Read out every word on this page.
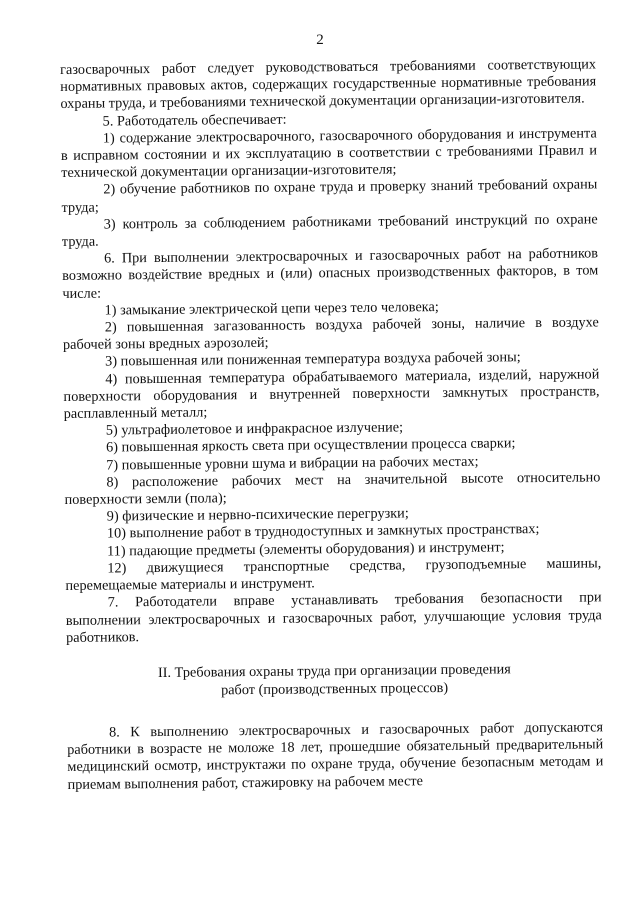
2

газосварочных работ следует руководствоваться требованиями соответствующих нормативных правовых актов, содержащих государственные нормативные требования охраны труда, и требованиями технической документации организации-изготовителя.

5. Работодатель обеспечивает:

1) содержание электросварочного, газосварочного оборудования и инструмента в исправном состоянии и их эксплуатацию в соответствии с требованиями Правил и технической документации организации-изготовителя;

2) обучение работников по охране труда и проверку знаний требований охраны труда;

3) контроль за соблюдением работниками требований инструкций по охране труда.

6. При выполнении электросварочных и газосварочных работ на работников возможно воздействие вредных и (или) опасных производственных факторов, в том числе:

1) замыкание электрической цепи через тело человека;

2) повышенная загазованность воздуха рабочей зоны, наличие в воздухе рабочей зоны вредных аэрозолей;

3) повышенная или пониженная температура воздуха рабочей зоны;

4) повышенная температура обрабатываемого материала, изделий, наружной поверхности оборудования и внутренней поверхности замкнутых пространств, расплавленный металл;

5) ультрафиолетовое и инфракрасное излучение;

6) повышенная яркость света при осуществлении процесса сварки;

7) повышенные уровни шума и вибрации на рабочих местах;

8) расположение рабочих мест на значительной высоте относительно поверхности земли (пола);

9) физические и нервно-психические перегрузки;

10) выполнение работ в труднодоступных и замкнутых пространствах;

11) падающие предметы (элементы оборудования) и инструмент;

12) движущиеся транспортные средства, грузоподъемные машины, перемещаемые материалы и инструмент.

7. Работодатели вправе устанавливать требования безопасности при выполнении электросварочных и газосварочных работ, улучшающие условия труда работников.

II. Требования охраны труда при организации проведения
работ (производственных процессов)

8. К выполнению электросварочных и газосварочных работ допускаются работники в возрасте не моложе 18 лет, прошедшие обязательный предварительный медицинский осмотр, инструктажи по охране труда, обучение безопасным методам и приемам выполнения работ, стажировку на рабочем месте
